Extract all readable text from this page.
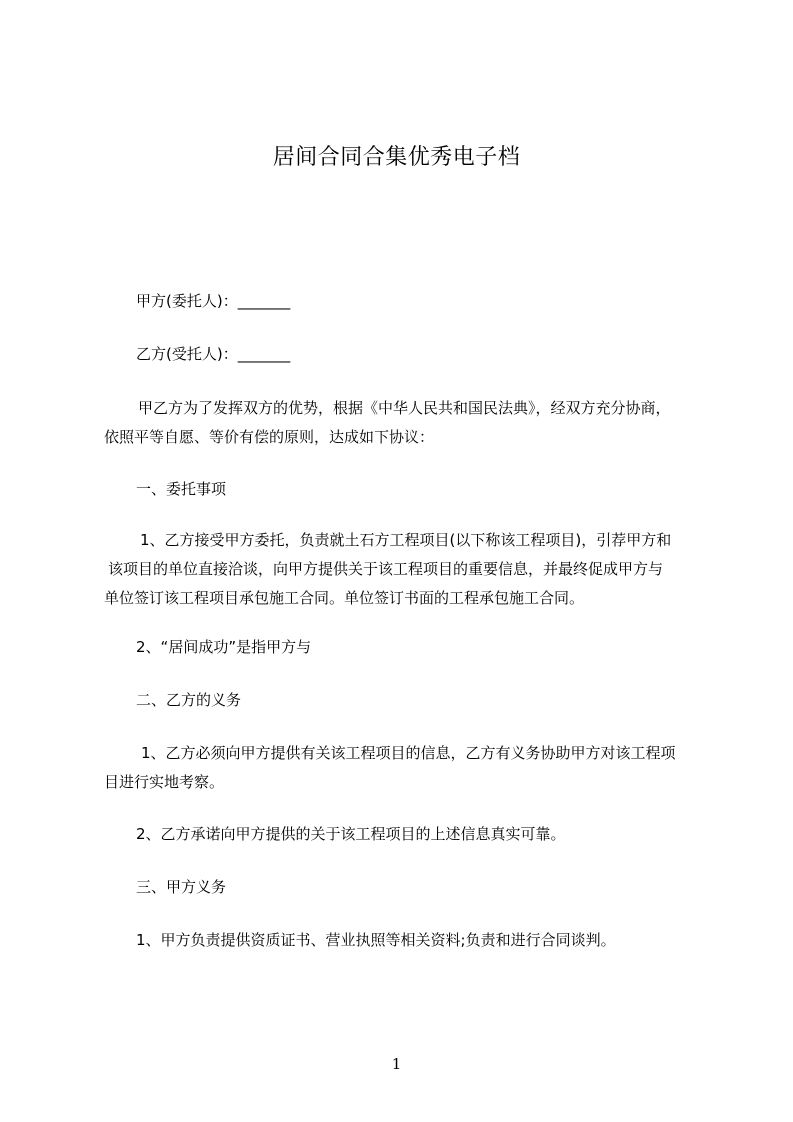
居间合同合集优秀电子档
甲方(委托人)：_______
乙方(受托人)：_______
甲乙方为了发挥双方的优势，根据《中华人民共和国民法典》，经双方充分协商，
依照平等自愿、等价有偿的原则，达成如下协议：
一、委托事项
1、乙方接受甲方委托，负责就土石方工程项目(以下称该工程项目)，引荐甲方和
该项目的单位直接洽谈，向甲方提供关于该工程项目的重要信息，并最终促成甲方与
单位签订该工程项目承包施工合同。单位签订书面的工程承包施工合同。
2、“居间成功”是指甲方与
二、乙方的义务
1、乙方必须向甲方提供有关该工程项目的信息，乙方有义务协助甲方对该工程项
目进行实地考察。
2、乙方承诺向甲方提供的关于该工程项目的上述信息真实可靠。
三、甲方义务
1、甲方负责提供资质证书、营业执照等相关资料;负责和进行合同谈判。
1
